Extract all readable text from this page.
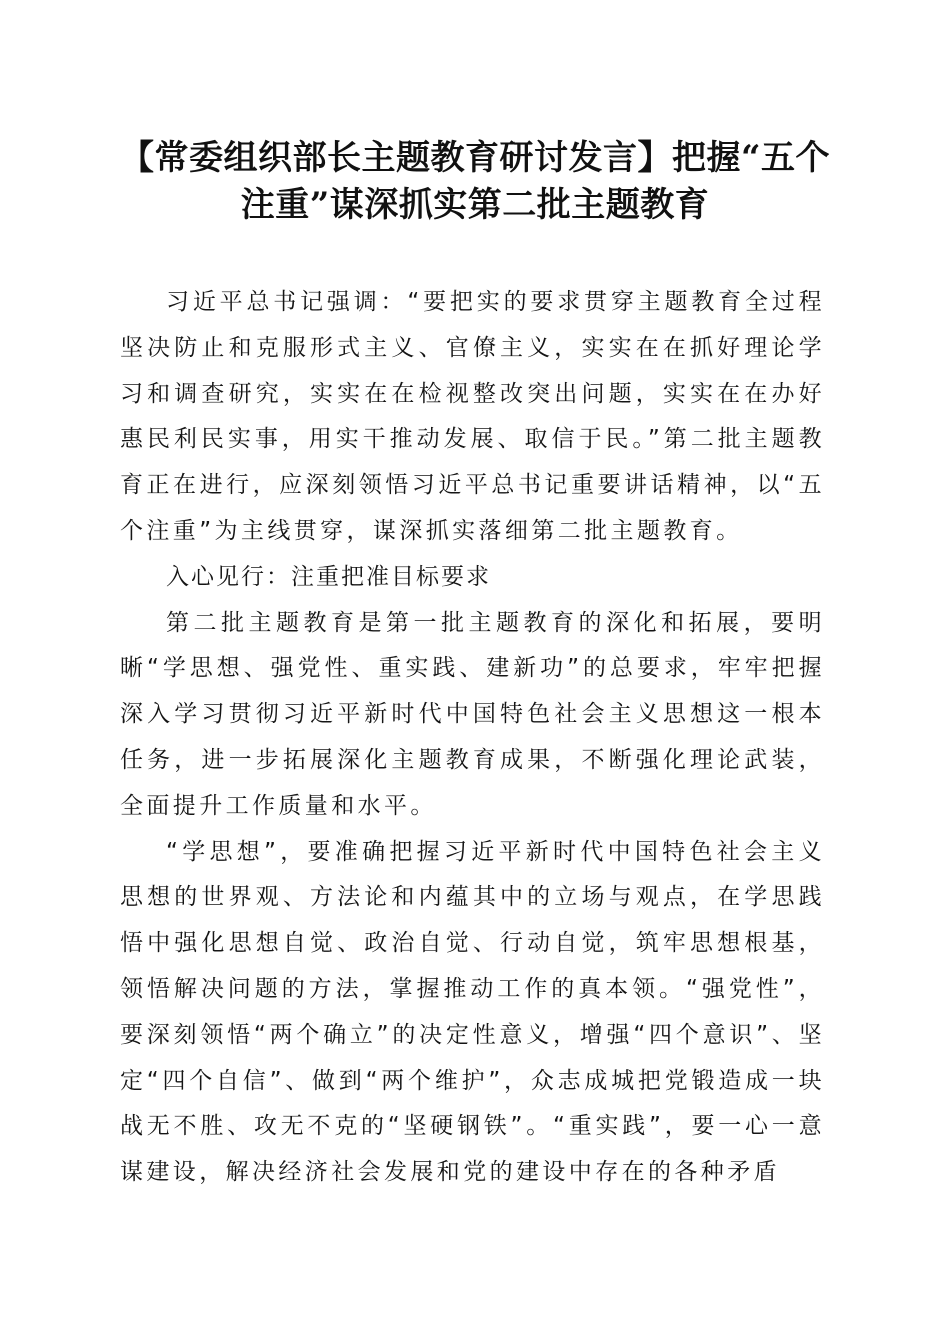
【常委组织部长主题教育研讨发言】把握“五个注重”谋深抓实第二批主题教育

习近平总书记强调：“要把实的要求贯穿主题教育全过程坚决防止和克服形式主义、官僚主义，实实在在抓好理论学习和调查研究，实实在在检视整改突出问题，实实在在办好惠民利民实事，用实干推动发展、取信于民。”第二批主题教育正在进行，应深刻领悟习近平总书记重要讲话精神，以“五个注重”为主线贯穿，谋深抓实落细第二批主题教育。

入心见行：注重把准目标要求

第二批主题教育是第一批主题教育的深化和拓展，要明晰“学思想、强党性、重实践、建新功”的总要求，牢牢把握深入学习贯彻习近平新时代中国特色社会主义思想这一根本任务，进一步拓展深化主题教育成果，不断强化理论武装，全面提升工作质量和水平。

“学思想”，要准确把握习近平新时代中国特色社会主义思想的世界观、方法论和内蕴其中的立场与观点，在学思践悟中强化思想自觉、政治自觉、行动自觉，筑牢思想根基，领悟解决问题的方法，掌握推动工作的真本领。“强党性”，要深刻领悟“两个确立”的决定性意义，增强“四个意识”、坚定“四个自信”、做到“两个维护”，众志成城把党锻造成一块战无不胜、攻无不克的“坚硬钢铁”。“重实践”，要一心一意谋建设，解决经济社会发展和党的建设中存在的各种矛盾
